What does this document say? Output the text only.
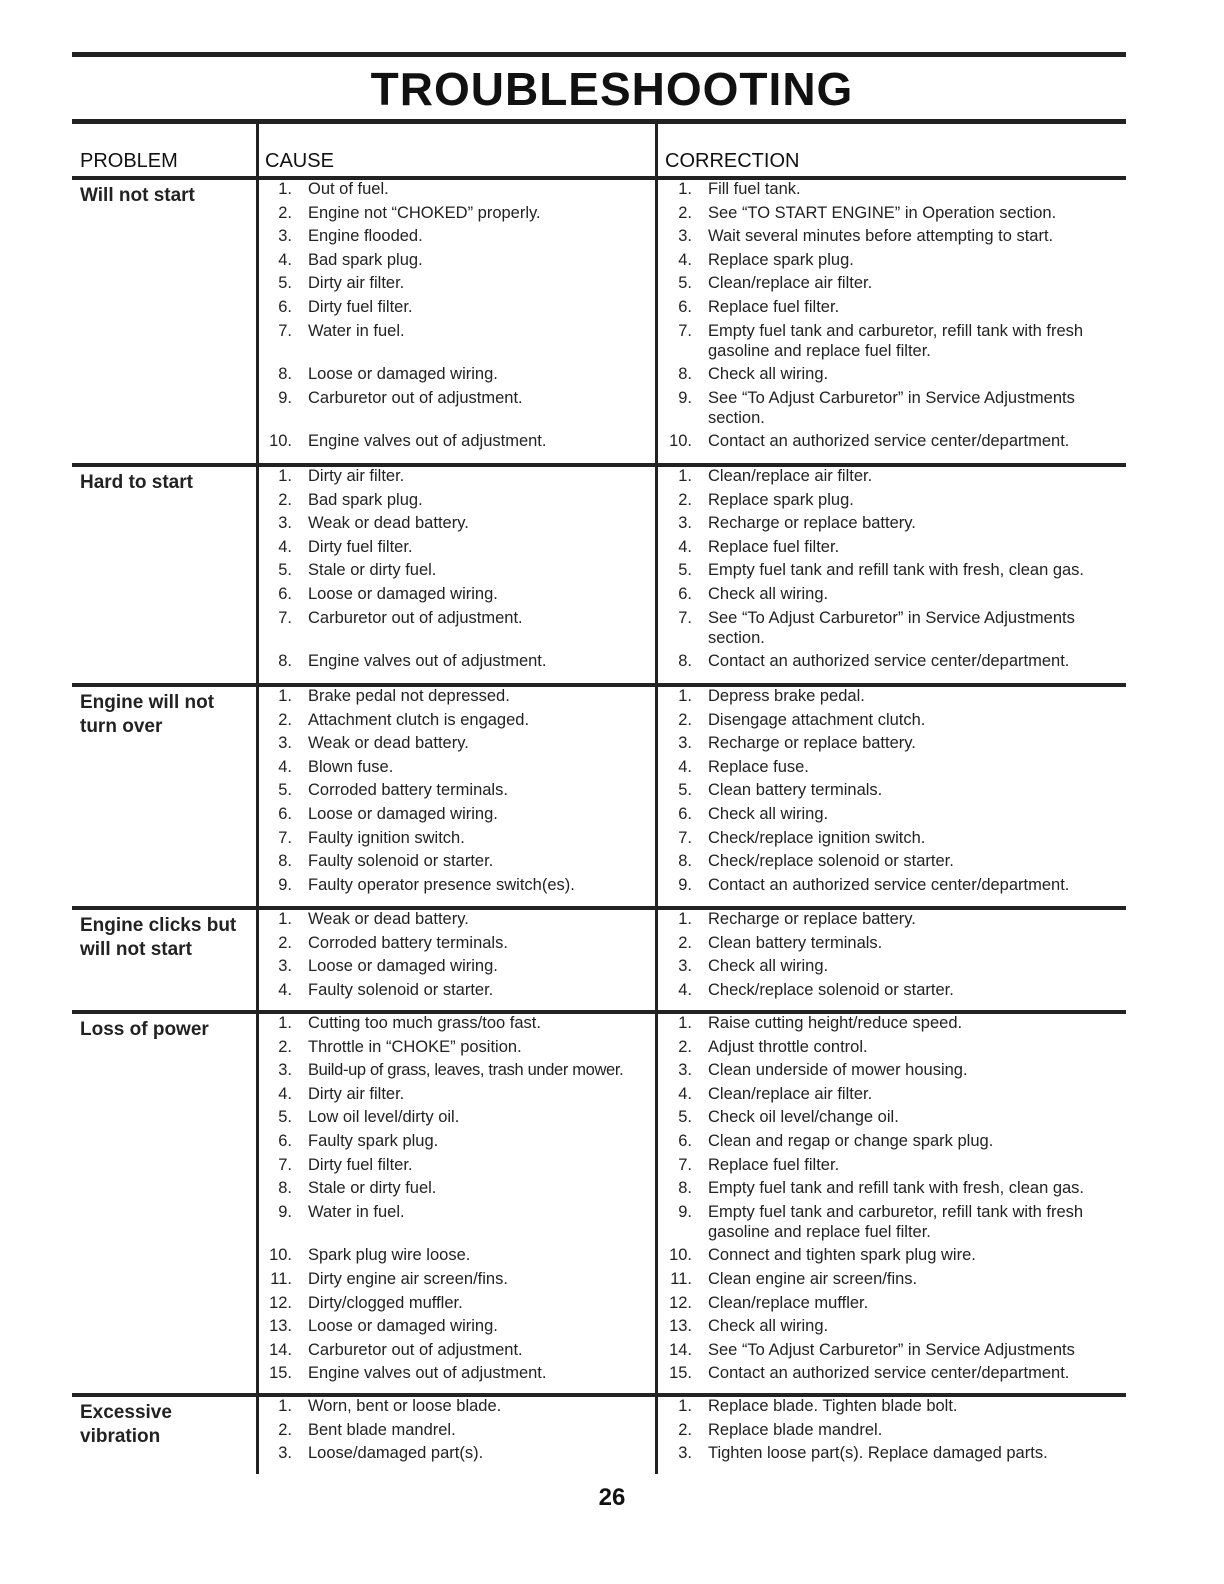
TROUBLESHOOTING
PROBLEM	CAUSE	CORRECTION
Will not start	1. Out of fuel.	1. Fill fuel tank.
2. Engine not “CHOKED” properly.	2. See “TO START ENGINE” in Operation section.
3. Engine flooded.	3. Wait several minutes before attempting to start.
4. Bad spark plug.	4. Replace spark plug.
5. Dirty air filter.	5. Clean/replace air filter.
6. Dirty fuel filter.	6. Replace fuel filter.
7. Water in fuel.	7. Empty fuel tank and carburetor, refill tank with fresh
gasoline and replace fuel filter.
8. Loose or damaged wiring.	8. Check all wiring.
9. Carburetor out of adjustment.	9. See “To Adjust Carburetor” in Service Adjustments
section.
10. Engine valves out of adjustment.	10. Contact an authorized service center/department.
Hard to start	1. Dirty air filter.	1. Clean/replace air filter.
2. Bad spark plug.	2. Replace spark plug.
3. Weak or dead battery.	3. Recharge or replace battery.
4. Dirty fuel filter.	4. Replace fuel filter.
5. Stale or dirty fuel.	5. Empty fuel tank and refill tank with fresh, clean gas.
6. Loose or damaged wiring.	6. Check all wiring.
7. Carburetor out of adjustment.	7. See “To Adjust Carburetor” in Service Adjustments
section.
8. Engine valves out of adjustment.	8. Contact an authorized service center/department.
Engine will not
turn over
1. Brake pedal not depressed.	1. Depress brake pedal.
2. Attachment clutch is engaged.	2. Disengage attachment clutch.
3. Weak or dead battery.	3. Recharge or replace battery.
4. Blown fuse.	4. Replace fuse.
5. Corroded battery terminals.	5. Clean battery terminals.
6. Loose or damaged wiring.	6. Check all wiring.
7. Faulty ignition switch.	7. Check/replace ignition switch.
8. Faulty solenoid or starter.	8. Check/replace solenoid or starter.
9. Faulty operator presence switch(es).	9. Contact an authorized service center/department.
Engine clicks but
will not start
1. Weak or dead battery.	1. Recharge or replace battery.
2. Corroded battery terminals.	2. Clean battery terminals.
3. Loose or damaged wiring.	3. Check all wiring.
4. Faulty solenoid or starter.	4. Check/replace solenoid or starter.
Loss of power	1. Cutting too much grass/too fast.	1. Raise cutting height/reduce speed.
2. Throttle in “CHOKE” position.	2. Adjust throttle control.
3. Build-up of grass, leaves, trash under mower.	3. Clean underside of mower housing.
4. Dirty air filter.	4. Clean/replace air filter.
5. Low oil level/dirty oil.	5. Check oil level/change oil.
6. Faulty spark plug.	6. Clean and regap or change spark plug.
7. Dirty fuel filter.	7. Replace fuel filter.
8. Stale or dirty fuel.	8. Empty fuel tank and refill tank with fresh, clean gas.
9. Water in fuel.	9. Empty fuel tank and carburetor, refill tank with fresh
gasoline and replace fuel filter.
10. Spark plug wire loose.	10. Connect and tighten spark plug wire.
11. Dirty engine air screen/fins.	11. Clean engine air screen/fins.
12. Dirty/clogged muffler.	12. Clean/replace muffler.
13. Loose or damaged wiring.	13. Check all wiring.
14. Carburetor out of adjustment.	14. See “To Adjust Carburetor” in Service Adjustments
15. Engine valves out of adjustment.	15. Contact an authorized service center/department.
Excessive
vibration
1. Worn, bent or loose blade.	1. Replace blade. Tighten blade bolt.
2. Bent blade mandrel.	2. Replace blade mandrel.
3. Loose/damaged part(s).	3. Tighten loose part(s). Replace damaged parts.
26
